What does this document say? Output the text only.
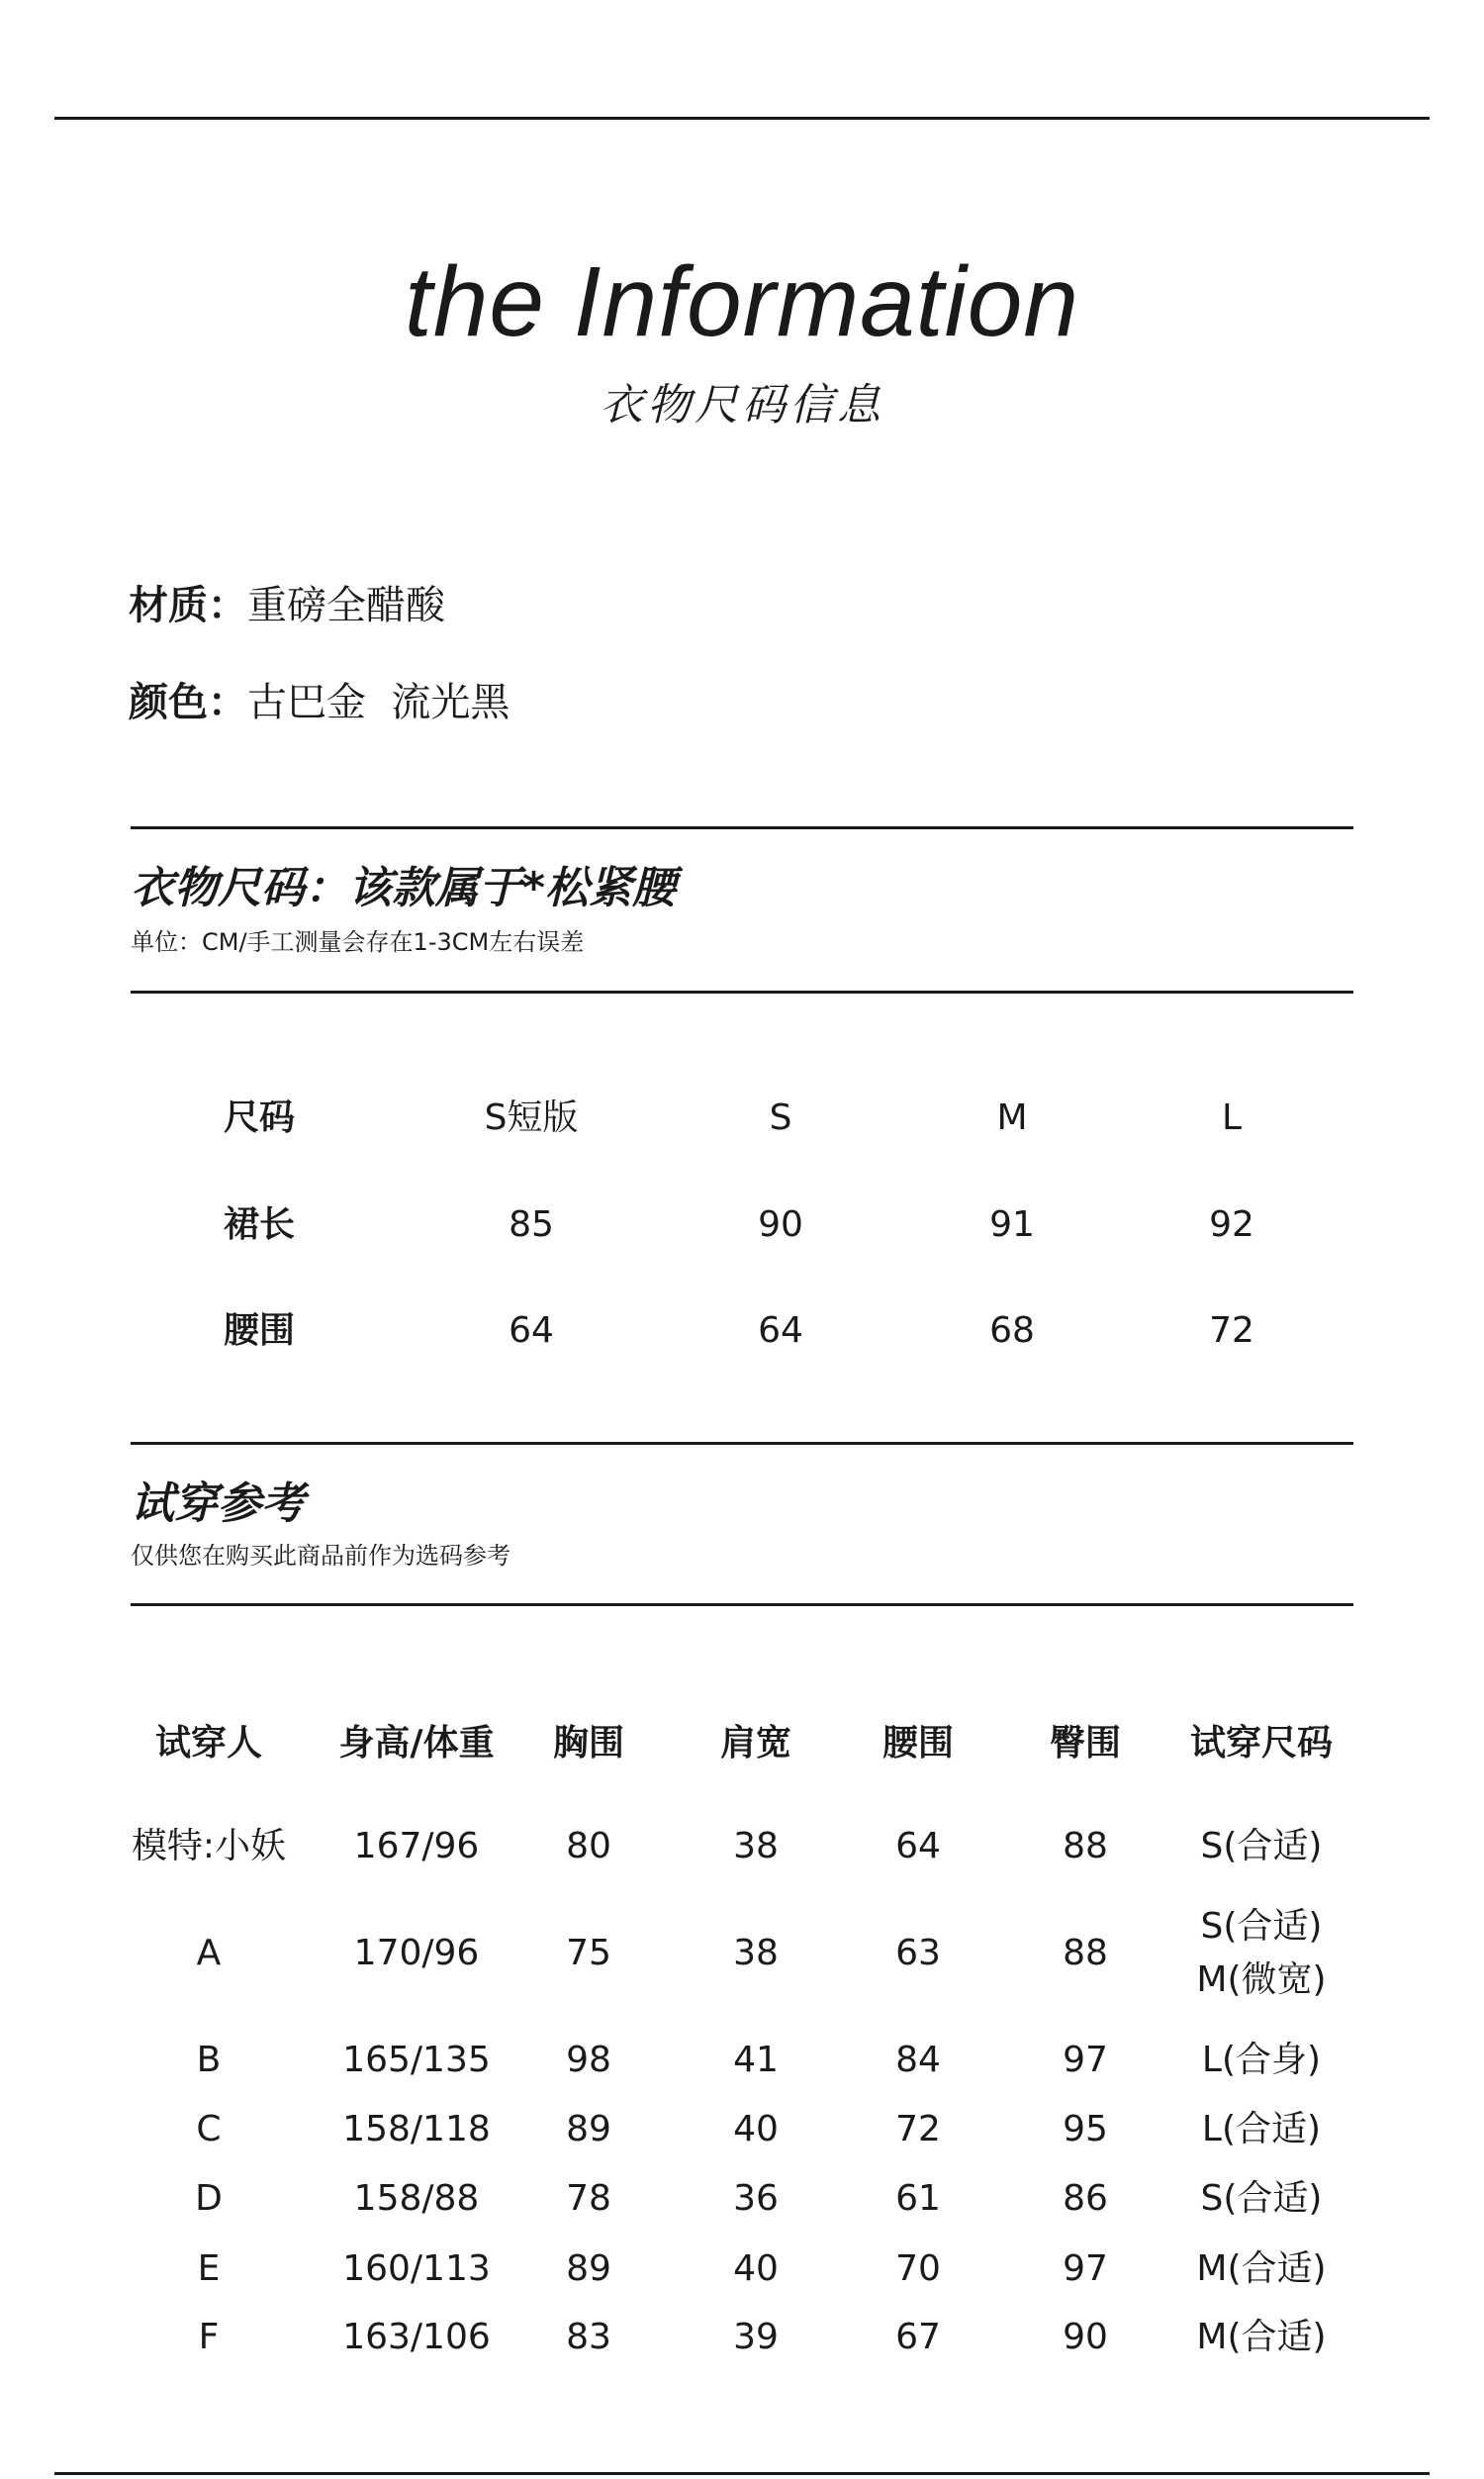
the Information
衣物尺码信息
材质：重磅全醋酸
颜色：古巴金  流光黑
衣物尺码：该款属于*松紧腰
单位：CM/手工测量会存在1-3CM左右误差
尺码	S短版	S	M	L
裙长	85	90	91	92
腰围	64	64	68	72
试穿参考
仅供您在购买此商品前作为选码参考
试穿人 身高/体重 胸围	肩宽	腰围	臀围 试穿尺码
模特:小妖 167/96 80	38	64	88	S(合适)
A	170/96 75	38	63	88
S(合适)
M(微宽)
B	165/135 98	41	84	97	L(合身)
C	158/118 89	40	72	95	L(合适)
D	158/88 78	36	61	86	S(合适)
E	160/113 89	40	70	97 M(合适)
F	163/106 83	39	67	90 M(合适)
